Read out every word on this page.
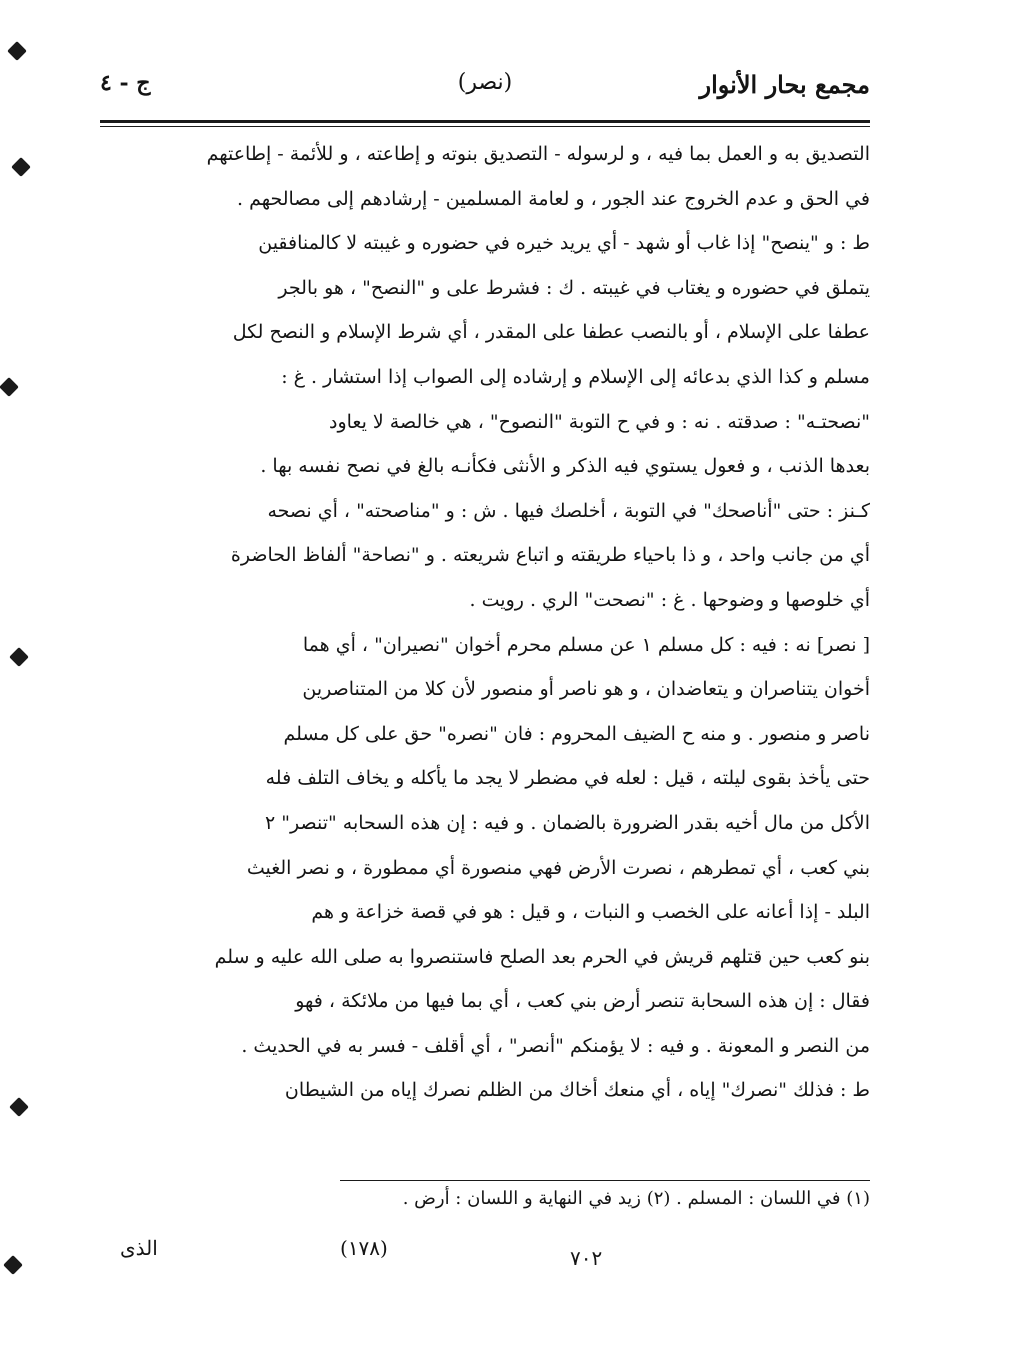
مجمع بحار الأنوار
(نصر)
ج - ٤
التصديق به و العمل بما فيه ، و لرسوله - التصديق بنوته و إطاعته ، و للأئمة - إطاعتهم
في الحق و عدم الخروج عند الجور ، و لعامة المسلمين - إرشادهم إلى مصالحهم .
ط : و "ينصح" إذا غاب أو شهد - أي يريد خيره في حضوره و غيبته لا كالمنافقين
يتملق في حضوره و يغتاب في غيبته . ك : فشرط على و "النصح" ، هو بالجر
عطفا على الإسلام ، أو بالنصب عطفا على المقدر ، أي شرط الإسلام و النصح لكل
مسلم و كذا الذي بدعائه إلى الإسلام و إرشاده إلى الصواب إذا استشار . غ :
"نصحتـه" : صدقته . نه : و في ح التوبة "النصوح" ، هي خالصة لا يعاود
بعدها الذنب ، و فعول يستوي فيه الذكر و الأنثى فكأنـه بالغ في نصح نفسه بها .
كـنز : حتى "أناصحك" في التوبة ، أخلصك فيها . ش : و "مناصحته" ، أي نصحه
أي من جانب واحد ، و ذا باحياء طريقته و اتباع شريعته . و "نصاحة" ألفاظ الحاضرة
أي خلوصها و وضوحها . غ : "نصحت" الري . رويت .
[ نصر] نه : فيه : كل مسلم ١ عن مسلم محرم أخوان "نصيران" ، أي هما
أخوان يتناصران و يتعاضدان ، و هو ناصر أو منصور لأن كلا من المتناصرين
ناصر و منصور . و منه ح الضيف المحروم : فان "نصره" حق على كل مسلم
حتى يأخذ بقوى ليلته ، قيل : لعله في مضطر لا يجد ما يأكله و يخاف التلف فله
الأكل من مال أخيه بقدر الضرورة بالضمان . و فيه : إن هذه السحابه "تنصر" ٢
بني كعب ، أي تمطرهم ، نصرت الأرض فهي منصورة أي ممطورة ، و نصر الغيث
البلد - إذا أعانه على الخصب و النبات ، و قيل : هو في قصة خزاعة و هم
بنو كعب حين قتلهم قريش في الحرم بعد الصلح فاستنصروا به صلى الله عليه و سلم
فقال : إن هذه السحابة تنصر أرض بني كعب ، أي بما فيها من ملائكة ، فهو
من النصر و المعونة . و فيه : لا يؤمنكم "أنصر" ، أي أقلف - فسر به في الحديث .
ط : فذلك "نصرك" إياه ، أي منعك أخاك من الظلم نصرك إياه من الشيطان
(١) في اللسان : المسلم . (٢) زيد في النهاية و اللسان : أرض .
الذى	(١٧٨)	٧٠٢
